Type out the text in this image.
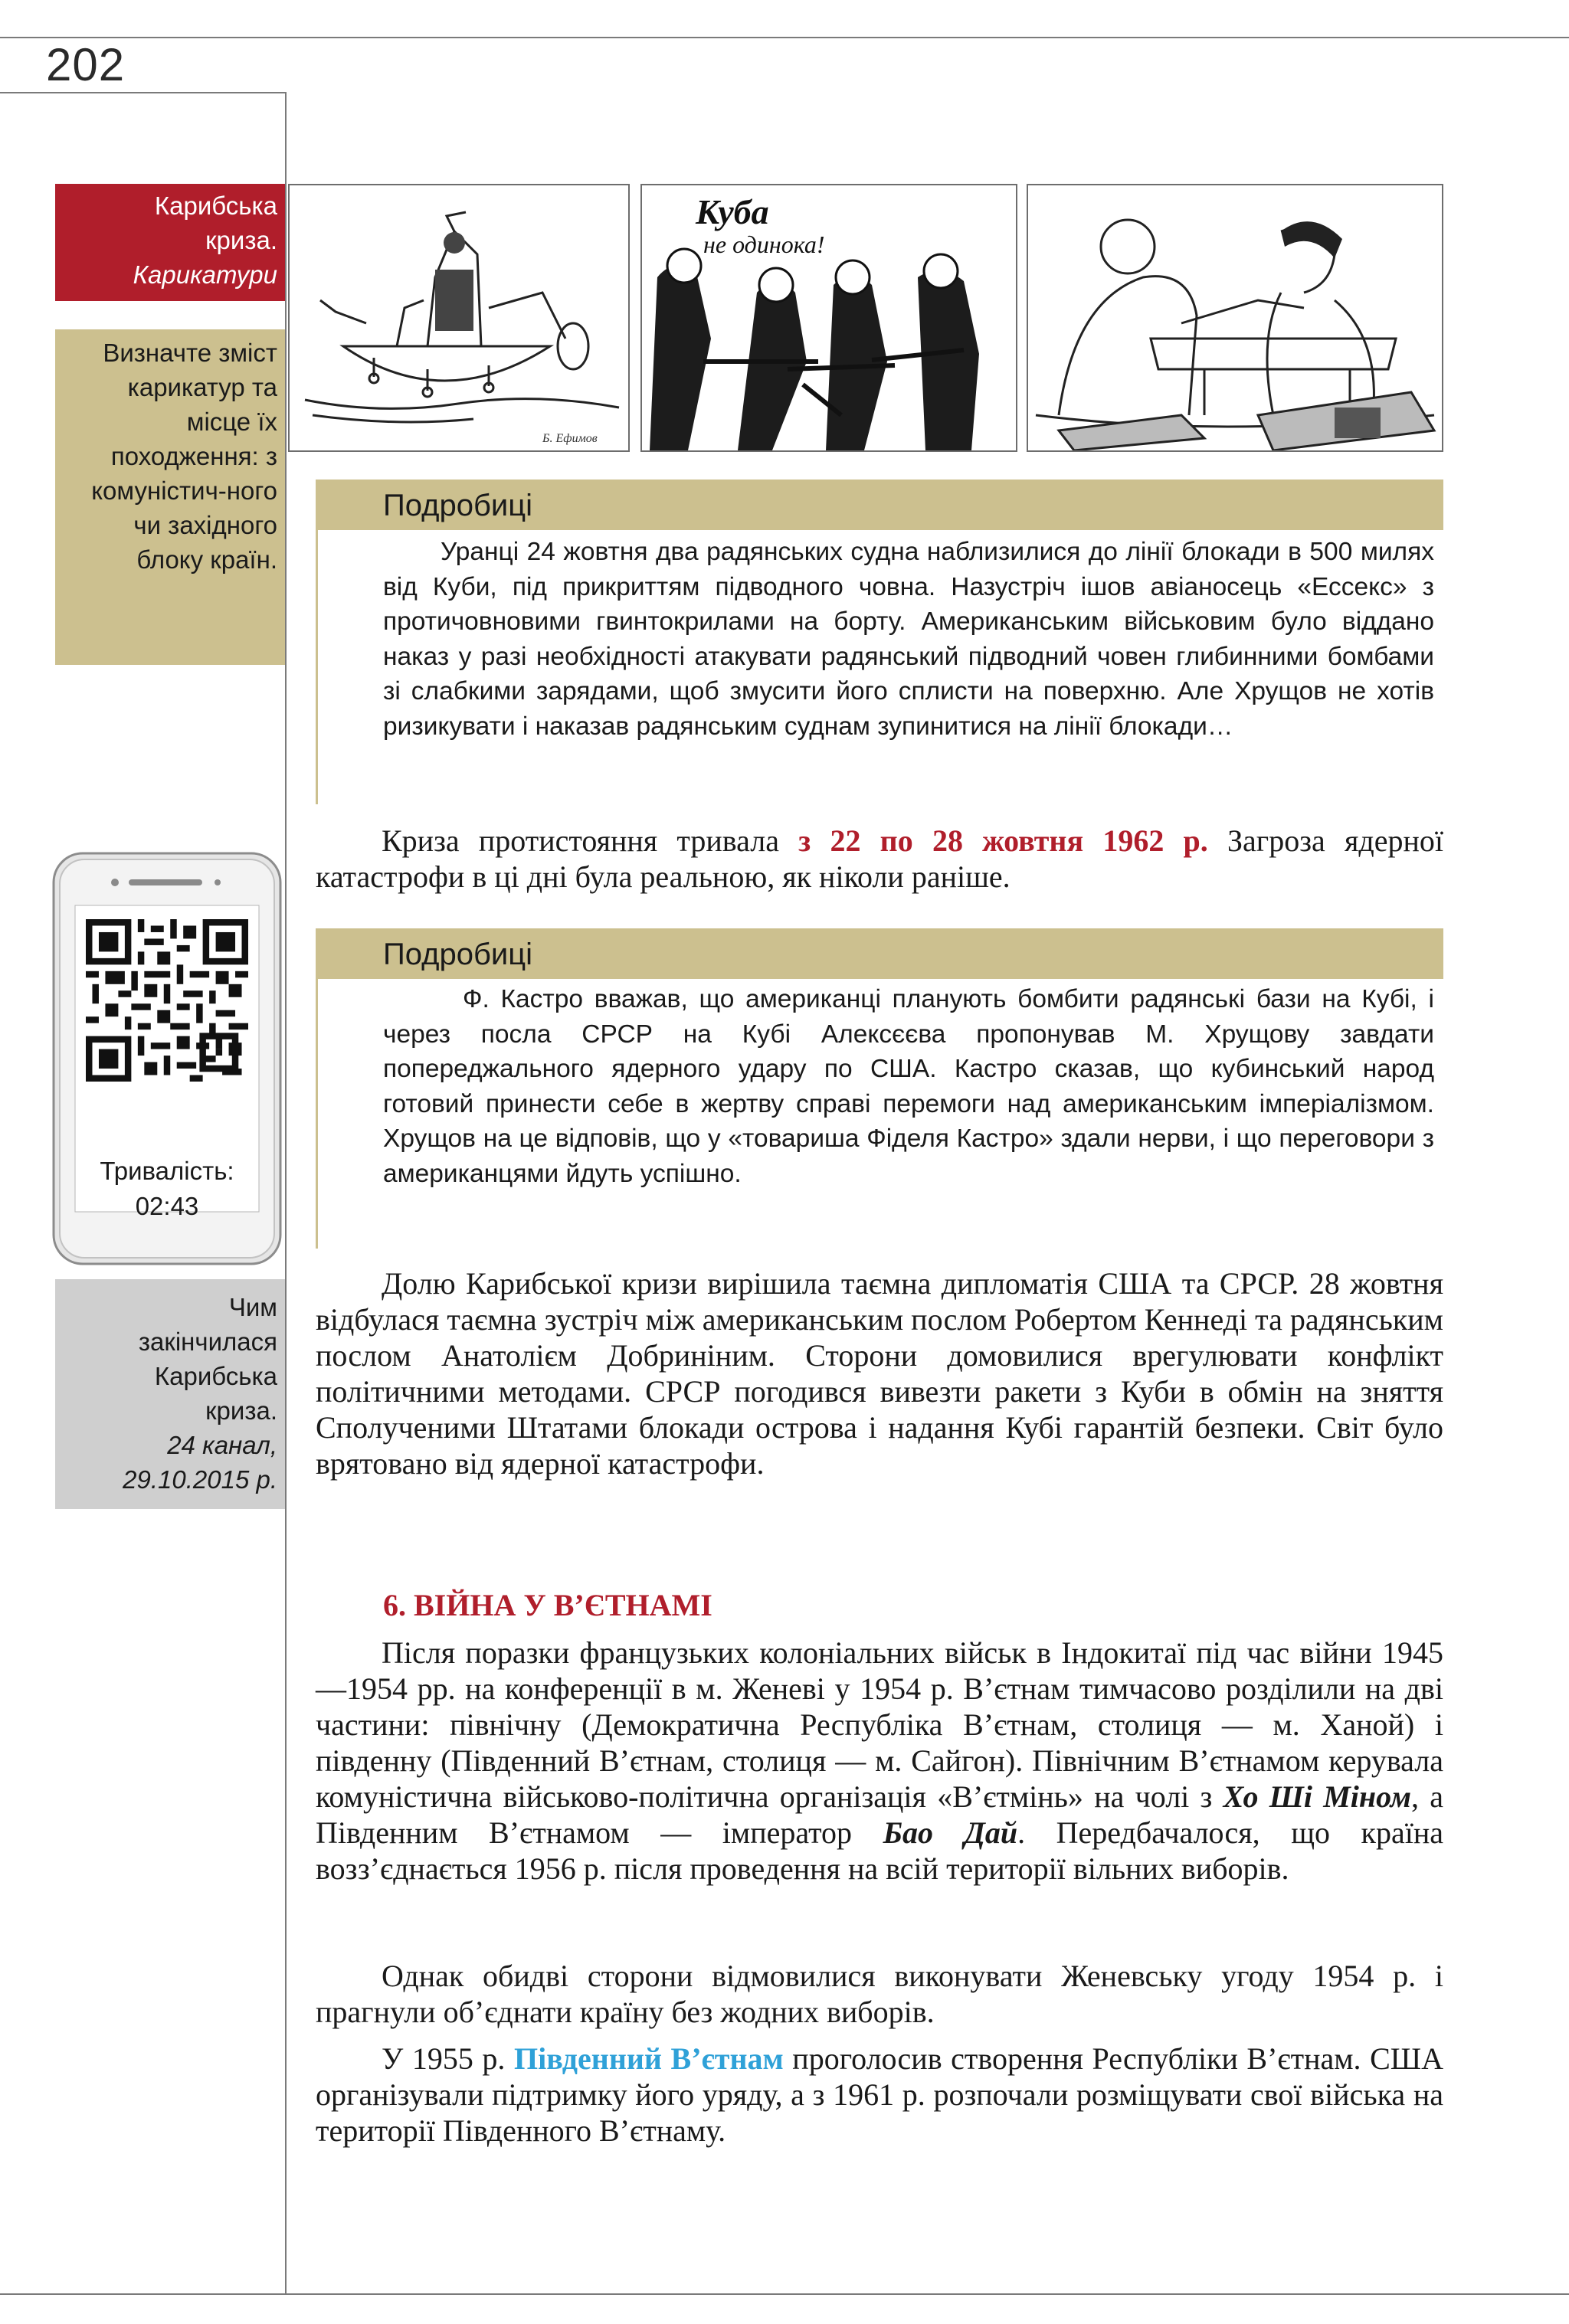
202
Карибська криза.
Карикатури
Визначте зміст карикатур та місце їх походження: з комуністич-ного чи західного блоку країн.
Тривалість:
02:43
Чим закінчилася Карибська криза.
24 канал, 29.10.2015 р.
Б. Ефимов
Куба
не одинока!
Подробиці
Уранці 24 жовтня два радянських судна наблизилися до лінії блокади в 500 милях від Куби, під прикриттям підводного човна. Назустріч ішов авіаносець «Ессекс» з протичовновими гвинтокрилами на борту. Американським військовим було віддано наказ у разі необхідності атакувати радянський підводний човен глибинними бомбами зі слабкими зарядами, щоб змусити його сплисти на поверхню. Але Хрущов не хотів ризикувати і наказав радянським суднам зупинитися на лінії блокади…

Криза протистояння тривала з 22 по 28 жовтня 1962 р. Загроза ядерної катастрофи в ці дні була реальною, як ніколи раніше.

Подробиці
Ф. Кастро вважав, що американці планують бомбити радянські бази на Кубі, і через посла СРСР на Кубі Алексєєва пропонував М. Хрущову завдати попереджального ядерного удару по США. Кастро сказав, що кубинський народ готовий принести себе в жертву справі перемоги над американським імперіалізмом. Хрущов на це відповів, що у «товариша Фіделя Кастро» здали нерви, і що переговори з американцями йдуть успішно.

Долю Карибської кризи вирішила таємна дипломатія США та СРСР. 28 жовтня відбулася таємна зустріч між американським послом Робертом Кеннеді та радянським послом Анатолієм Добриніним. Сторони домовилися врегулювати конфлікт політичними методами. СРСР погодився вивезти ракети з Куби в обмін на зняття Сполученими Штатами блокади острова і надання Кубі гарантій безпеки. Світ було врятовано від ядерної катастрофи.

6. ВІЙНА У В’ЄТНАМІ

Після поразки французьких колоніальних військ в Індокитаї під час війни 1945—1954 рр. на конференції в м. Женеві у 1954 р. В’єтнам тимчасово розділили на дві частини: північну (Демократична Республіка В’єтнам, столиця — м. Ханой) і південну (Південний В’єтнам, столиця — м. Сайгон). Північним В’єтнамом керувала комуністична військово-політична організація «В’єтмінь» на чолі з Хо Ші Міном, а Південним В’єтнамом — імператор Бао Дай. Передбачалося, що країна возз’єднається 1956 р. після проведення на всій території вільних виборів.

Однак обидві сторони відмовилися виконувати Женевську угоду 1954 р. і прагнули об’єднати країну без жодних виборів.

У 1955 р. Південний В’єтнам проголосив створення Республіки В’єтнам. США організували підтримку його уряду, а з 1961 р. розпочали розміщувати свої війська на території Південного В’єтнаму.
